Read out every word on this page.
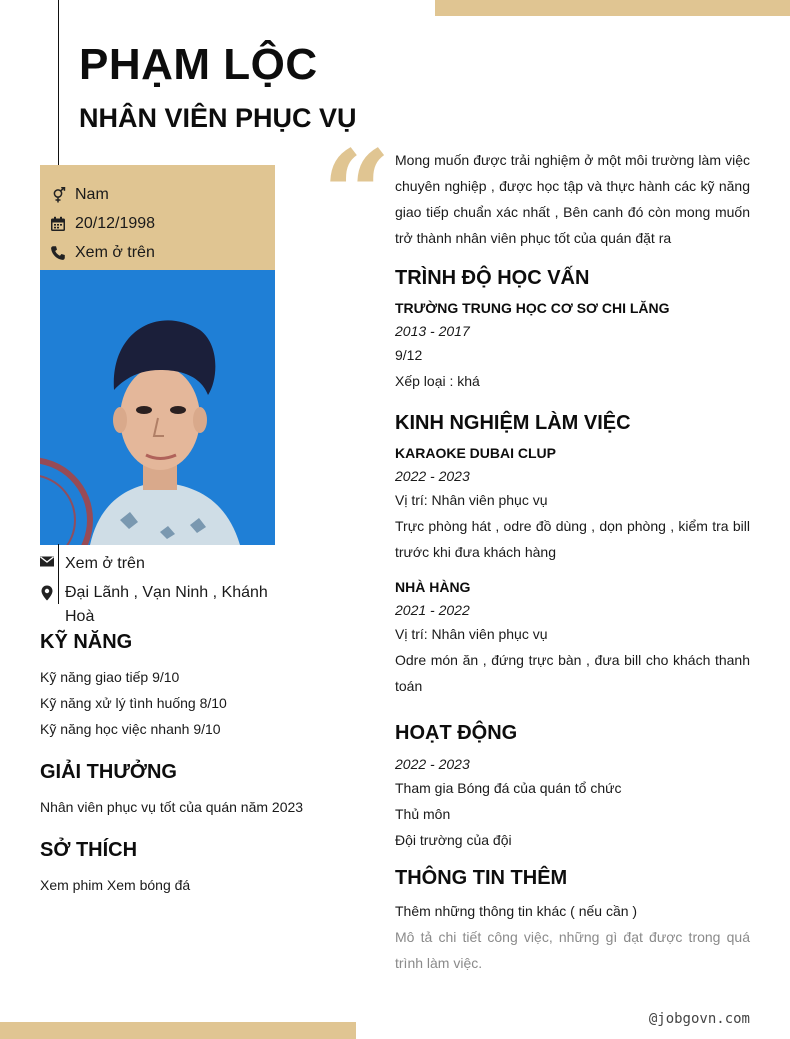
PHẠM LỘC
NHÂN VIÊN PHỤC VỤ
Nam
20/12/1998
Xem ở trên
Xem ở trên
Đại Lãnh , Vạn Ninh , Khánh Hoà
KỸ NĂNG
Kỹ năng giao tiếp 9/10
Kỹ năng xử lý tình huống 8/10
Kỹ năng học việc nhanh 9/10
GIẢI THƯỞNG
Nhân viên phục vụ tốt của quán năm 2023
SỞ THÍCH
Xem phim Xem bóng đá
“ Mong muốn được trải nghiệm ở một môi trường làm việc chuyên nghiệp , được học tập và thực hành các kỹ năng giao tiếp chuẩn xác nhất , Bên canh đó còn mong muốn trở thành nhân viên phục tốt của quán đặt ra
TRÌNH ĐỘ HỌC VẤN
TRƯỜNG TRUNG HỌC CƠ SƠ CHI LĂNG
2013 - 2017
9/12
Xếp loại : khá
KINH NGHIỆM LÀM VIỆC
KARAOKE DUBAI CLUP
2022 - 2023
Vị trí: Nhân viên phục vụ
Trực phòng hát , odre đồ dùng , dọn phòng , kiểm tra bill trước khi đưa khách hàng
NHÀ HÀNG
2021 - 2022
Vị trí: Nhân viên phục vụ
Odre món ăn , đứng trực bàn , đưa bill cho khách thanh toán
HOẠT ĐỘNG
2022 - 2023
Tham gia Bóng đá của quán tổ chức
Thủ môn
Đội trường của đội
THÔNG TIN THÊM
Thêm những thông tin khác ( nếu cần )
Mô tả chi tiết công việc, những gì đạt được trong quá trình làm việc.
@jobgovn.com
